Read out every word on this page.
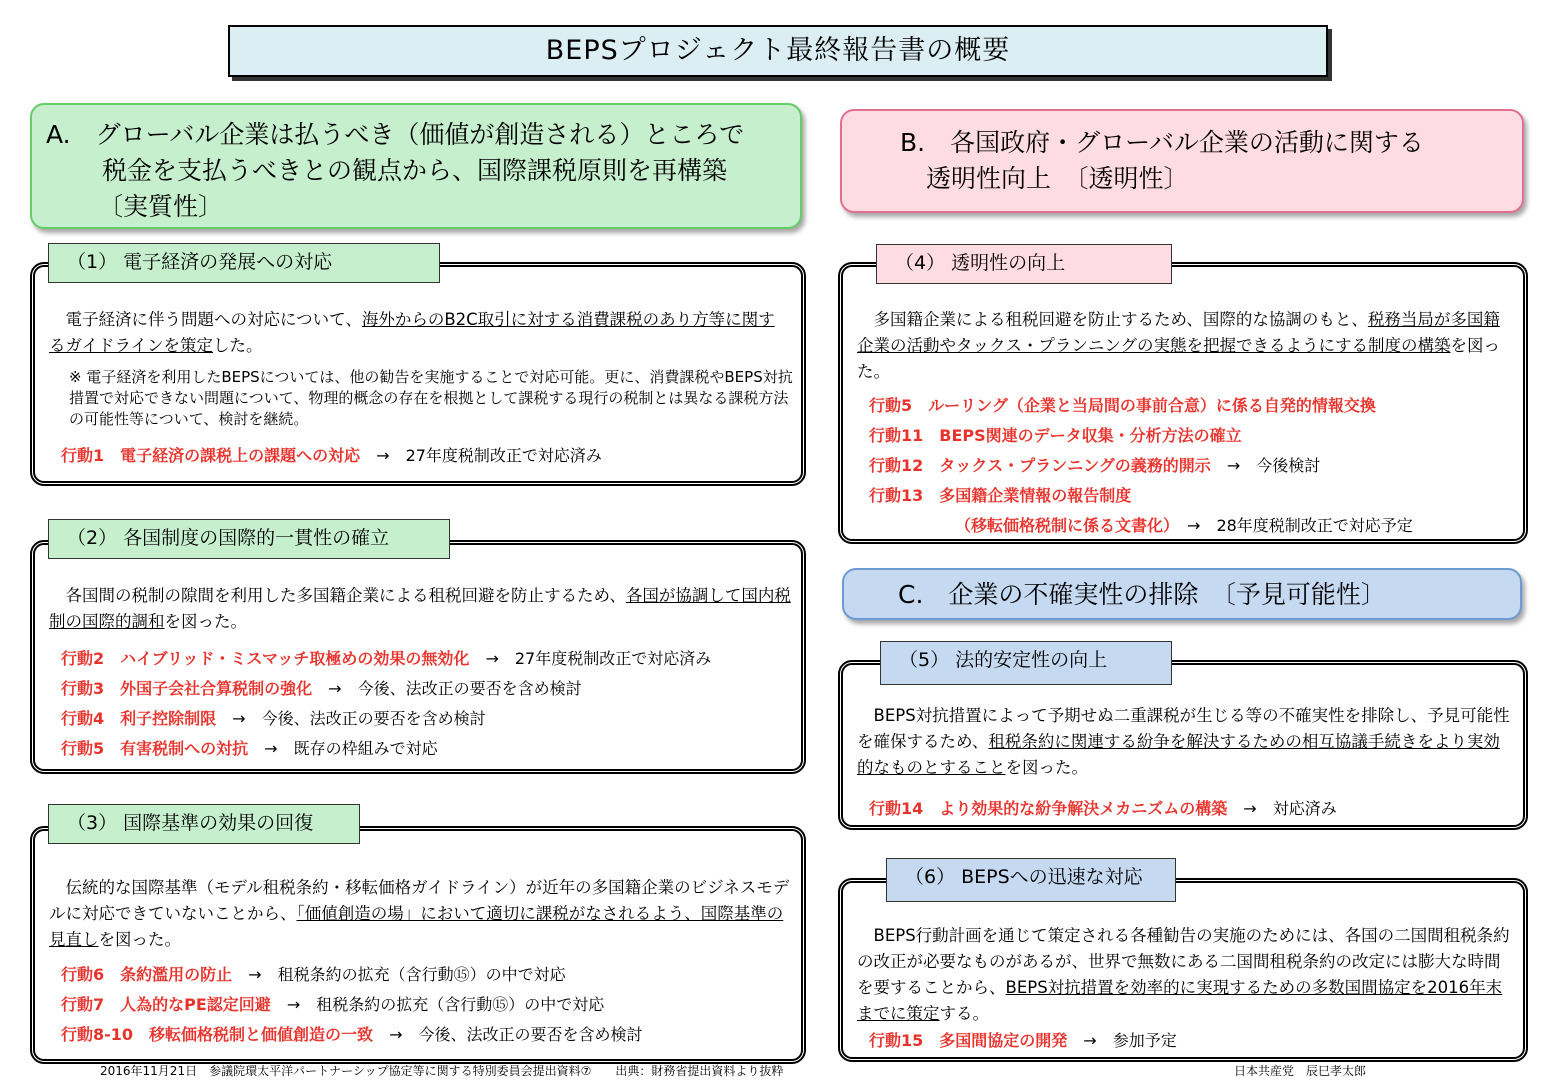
BEPSプロジェクト最終報告書の概要
A.　グローバル企業は払うべき（価値が創造される）ところで
税金を支払うべきとの観点から、国際課税原則を再構築
〔実質性〕
B.　各国政府・グローバル企業の活動に関する
透明性向上　〔透明性〕
C.　企業の不確実性の排除　〔予見可能性〕
　電子経済に伴う問題への対応について、海外からのB2C取引に対する消費課税のあり方等に関するガイドラインを策定した。
※ 電子経済を利用したBEPSについては、他の勧告を実施することで対応可能。更に、消費課税やBEPS対抗措置で対応できない問題について、物理的概念の存在を根拠として課税する現行の税制とは異なる課税方法の可能性等について、検討を継続。
行動1　電子経済の課税上の課題への対応　 →　27年度税制改正で対応済み
（1） 電子経済の発展への対応
　各国間の税制の隙間を利用した多国籍企業による租税回避を防止するため、各国が協調して国内税制の国際的調和を図った。
行動2　ハイブリッド・ミスマッチ取極めの効果の無効化　 →　27年度税制改正で対応済み
行動3　外国子会社合算税制の強化　 →　今後、法改正の要否を含め検討
行動4　利子控除制限　 →　今後、法改正の要否を含め検討
行動5　有害税制への対抗　 →　既存の枠組みで対応
（2） 各国制度の国際的一貫性の確立
　伝統的な国際基準（モデル租税条約・移転価格ガイドライン）が近年の多国籍企業のビジネスモデルに対応できていないことから、「価値創造の場」において適切に課税がなされるよう、国際基準の見直しを図った。
行動6　条約濫用の防止　 →　租税条約の拡充（含行動⑮）の中で対応
行動7　人為的なPE認定回避　 →　租税条約の拡充（含行動⑮）の中で対応
行動8-10　移転価格税制と価値創造の一致　 →　今後、法改正の要否を含め検討
（3） 国際基準の効果の回復
　多国籍企業による租税回避を防止するため、国際的な協調のもと、税務当局が多国籍企業の活動やタックス・プランニングの実態を把握できるようにする制度の構築を図った。
行動5　ルーリング（企業と当局間の事前合意）に係る自発的情報交換
行動11　BEPS関連のデータ収集・分析方法の確立
行動12　タックス・プランニングの義務的開示　 →　今後検討
行動13　多国籍企業情報の報告制度
（移転価格税制に係る文書化）　 →　28年度税制改正で対応予定
（4） 透明性の向上
　BEPS対抗措置によって予期せぬ二重課税が生じる等の不確実性を排除し、予見可能性を確保するため、租税条約に関連する紛争を解決するための相互協議手続きをより実効的なものとすることを図った。
行動14　より効果的な紛争解決メカニズムの構築　 →　対応済み
（5） 法的安定性の向上
　BEPS行動計画を通じて策定される各種勧告の実施のためには、各国の二国間租税条約の改正が必要なものがあるが、世界で無数にある二国間租税条約の改定には膨大な時間を要することから、BEPS対抗措置を効率的に実現するための多数国間協定を2016年末までに策定する。
行動15　多国間協定の開発　 →　参加予定
（6） BEPSへの迅速な対応
2016年11月21日　参議院環太平洋パートナーシップ協定等に関する特別委員会提出資料⑦　　出典：財務省提出資料より抜粋	日本共産党　辰巳孝太郎
